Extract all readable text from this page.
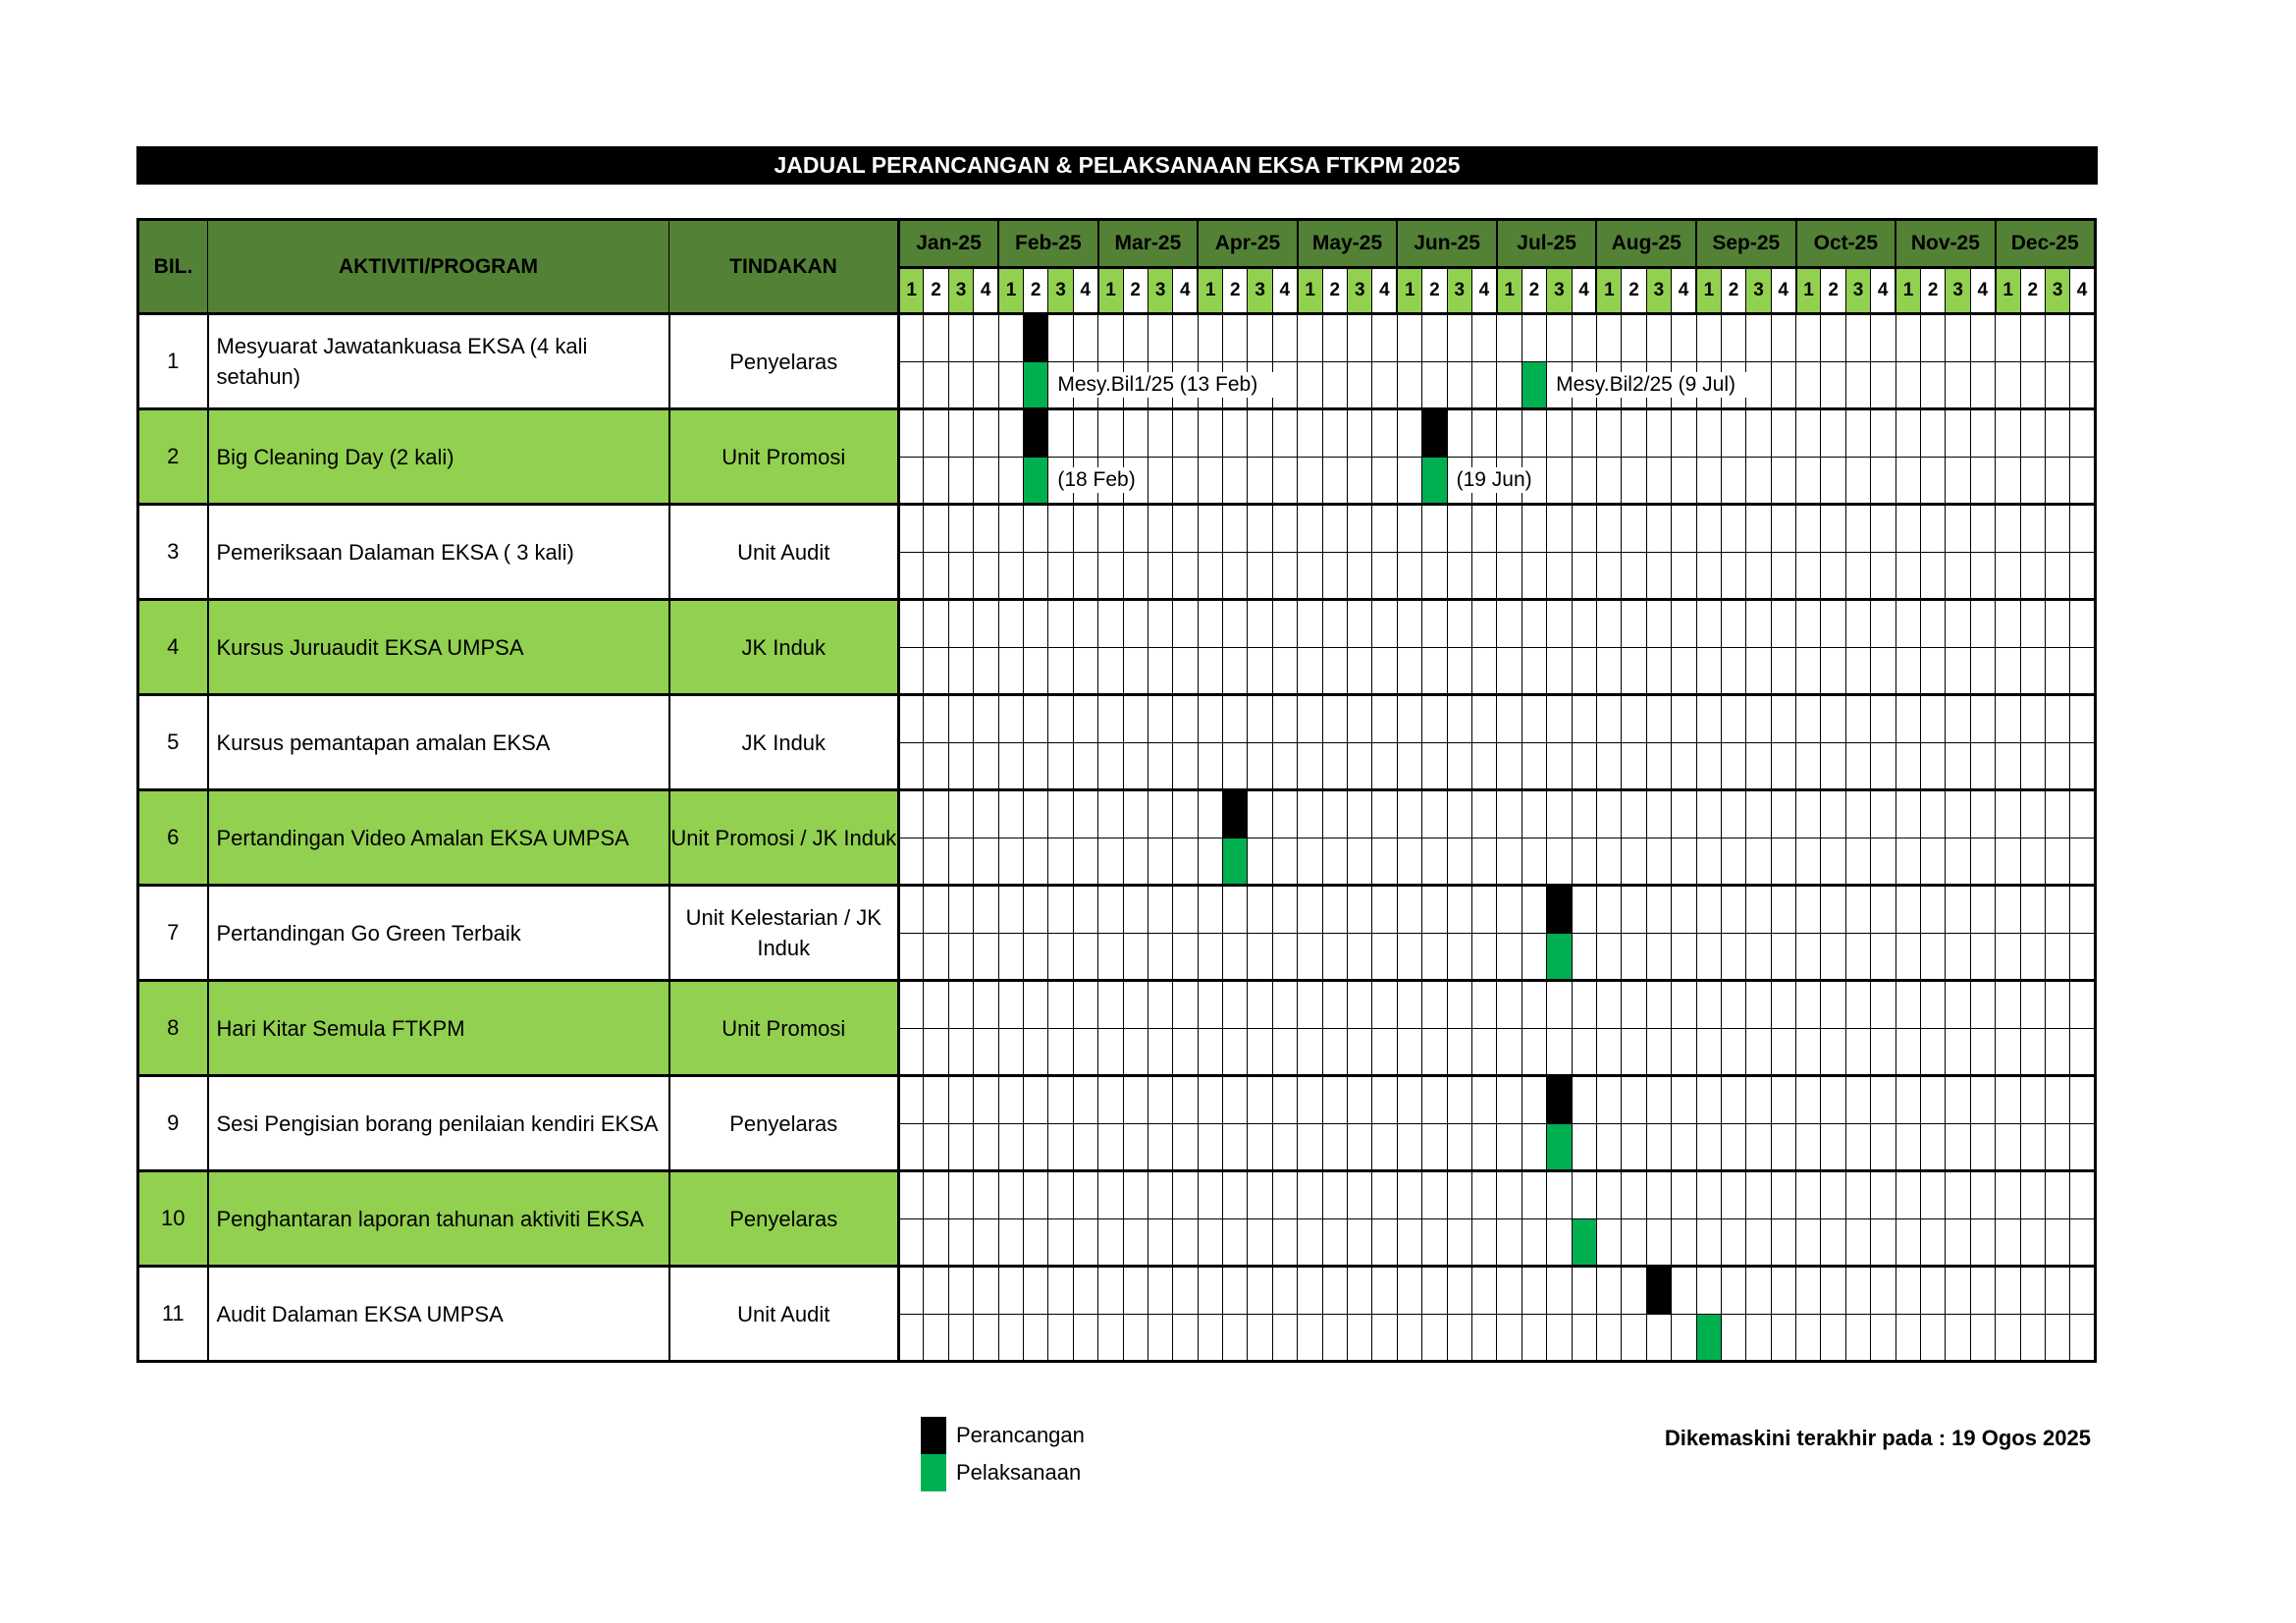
JADUAL PERANCANGAN & PELAKSANAAN EKSA FTKPM 2025
BIL.	AKTIVITI/PROGRAM	TINDAKAN	Jan-25				Feb-25				Mar-25				Apr-25				May-25				Jun-25				Jul-25				Aug-25				Sep-25				Oct-25				Nov-25				Dec-25			
			1	2	3	4	1	2	3	4	1	2	3	4	1	2	3	4	1	2	3	4	1	2	3	4	1	2	3	4	1	2	3	4	1	2	3	4	1	2	3	4	1	2	3	4	1	2	3	4
1	Mesyuarat Jawatankuasa EKSA (4 kali setahun)	Penyelaras																																																

								Mesy.Bil1/25 (13 Feb)																				Mesy.Bil2/25 (9 Jul)																						

2	Big Cleaning Day (2 kali)	Unit Promosi																																																

								(18 Feb)																(19 Jun)																										

3	Pemeriksaan Dalaman EKSA ( 3 kali)	Unit Audit																																																

4	Kursus Juruaudit EKSA UMPSA	JK Induk																																																

5	Kursus pemantapan amalan EKSA	JK Induk																																																

6	Pertandingan Video Amalan EKSA UMPSA	Unit Promosi / JK Induk																																																

7	Pertandingan Go Green Terbaik	Unit Kelestarian / JK Induk																																																

8	Hari Kitar Semula FTKPM	Unit Promosi																																																

9	Sesi Pengisian borang penilaian kendiri EKSA	Penyelaras																																																

10	Penghantaran laporan tahunan aktiviti EKSA	Penyelaras																																																

11	Audit Dalaman EKSA UMPSA	Unit Audit																																																

Perancangan
Pelaksanaan
Dikemaskini terakhir pada : 19 Ogos 2025
